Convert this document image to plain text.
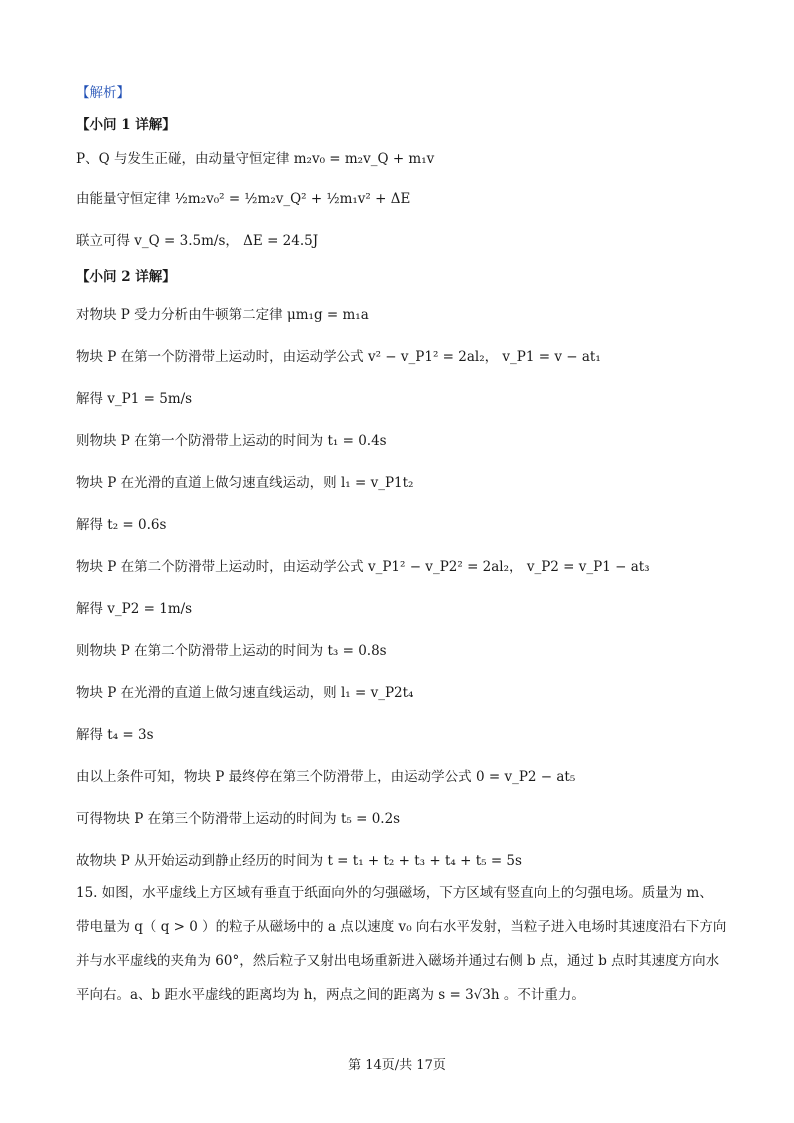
【解析】
【小问 1 详解】
P、Q 与发生正碰，由动量守恒定律 m₂v₀ = m₂v_Q + m₁v
由能量守恒定律 ½m₂v₀² = ½m₂v_Q² + ½m₁v² + ΔE
联立可得 v_Q = 3.5m/s， ΔE = 24.5J
【小问 2 详解】
对物块 P 受力分析由牛顿第二定律 μm₁g = m₁a
物块 P 在第一个防滑带上运动时，由运动学公式 v² − v_P1² = 2al₂， v_P1 = v − at₁
解得 v_P1 = 5m/s
则物块 P 在第一个防滑带上运动的时间为 t₁ = 0.4s
物块 P 在光滑的直道上做匀速直线运动，则 l₁ = v_P1t₂
解得 t₂ = 0.6s
物块 P 在第二个防滑带上运动时，由运动学公式 v_P1² − v_P2² = 2al₂， v_P2 = v_P1 − at₃
解得 v_P2 = 1m/s
则物块 P 在第二个防滑带上运动的时间为 t₃ = 0.8s
物块 P 在光滑的直道上做匀速直线运动，则 l₁ = v_P2t₄
解得 t₄ = 3s
由以上条件可知，物块 P 最终停在第三个防滑带上，由运动学公式 0 = v_P2 − at₅
可得物块 P 在第三个防滑带上运动的时间为 t₅ = 0.2s
故物块 P 从开始运动到静止经历的时间为 t = t₁ + t₂ + t₃ + t₄ + t₅ = 5s
15. 如图，水平虚线上方区域有垂直于纸面向外的匀强磁场，下方区域有竖直向上的匀强电场。质量为 m、
带电量为 q（ q > 0 ）的粒子从磁场中的 a 点以速度 v₀ 向右水平发射，当粒子进入电场时其速度沿右下方向
并与水平虚线的夹角为 60°，然后粒子又射出电场重新进入磁场并通过右侧 b 点，通过 b 点时其速度方向水
平向右。a、b 距水平虚线的距离均为 h，两点之间的距离为 s = 3√3h 。不计重力。
第 14页/共 17页
